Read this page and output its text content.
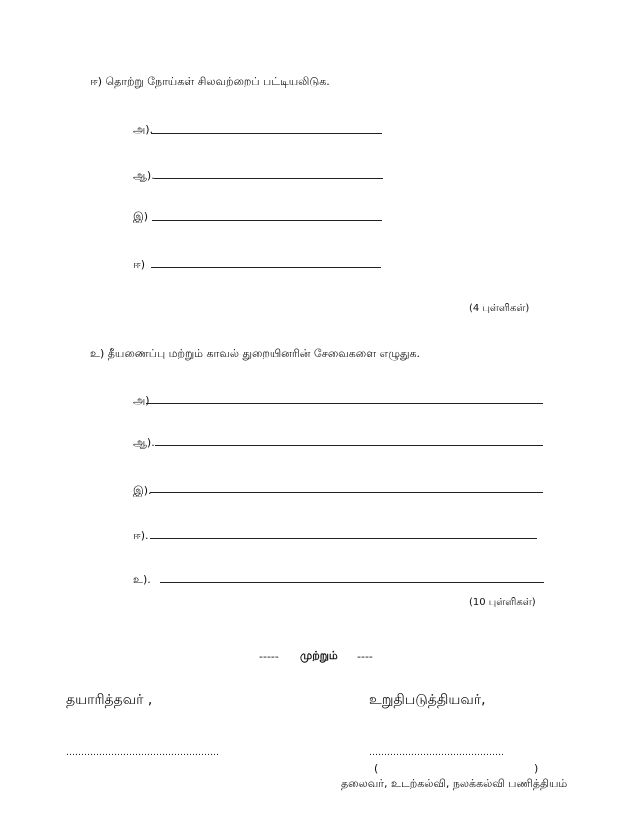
ஈ) தொற்று நோய்கள் சிலவற்றைப் பட்டியலிடுக.
அ).
ஆ).
இ)
ஈ)
(4 புள்ளிகள்)
உ) தீயணைப்பு மற்றும் காவல் துறையினரின் சேவைகளை எழுதுக.
அ)
ஆ).
இ).
ஈ).
உ).
(10 புள்ளிகள்)
----- முற்றும் ----
தயாரித்தவர் ,	உறுதிபடுத்தியவர்,
……………………………………………	………………………………………
(	)
தலைவர், உடற்கல்வி, நலக்கல்வி பணித்தியம்
